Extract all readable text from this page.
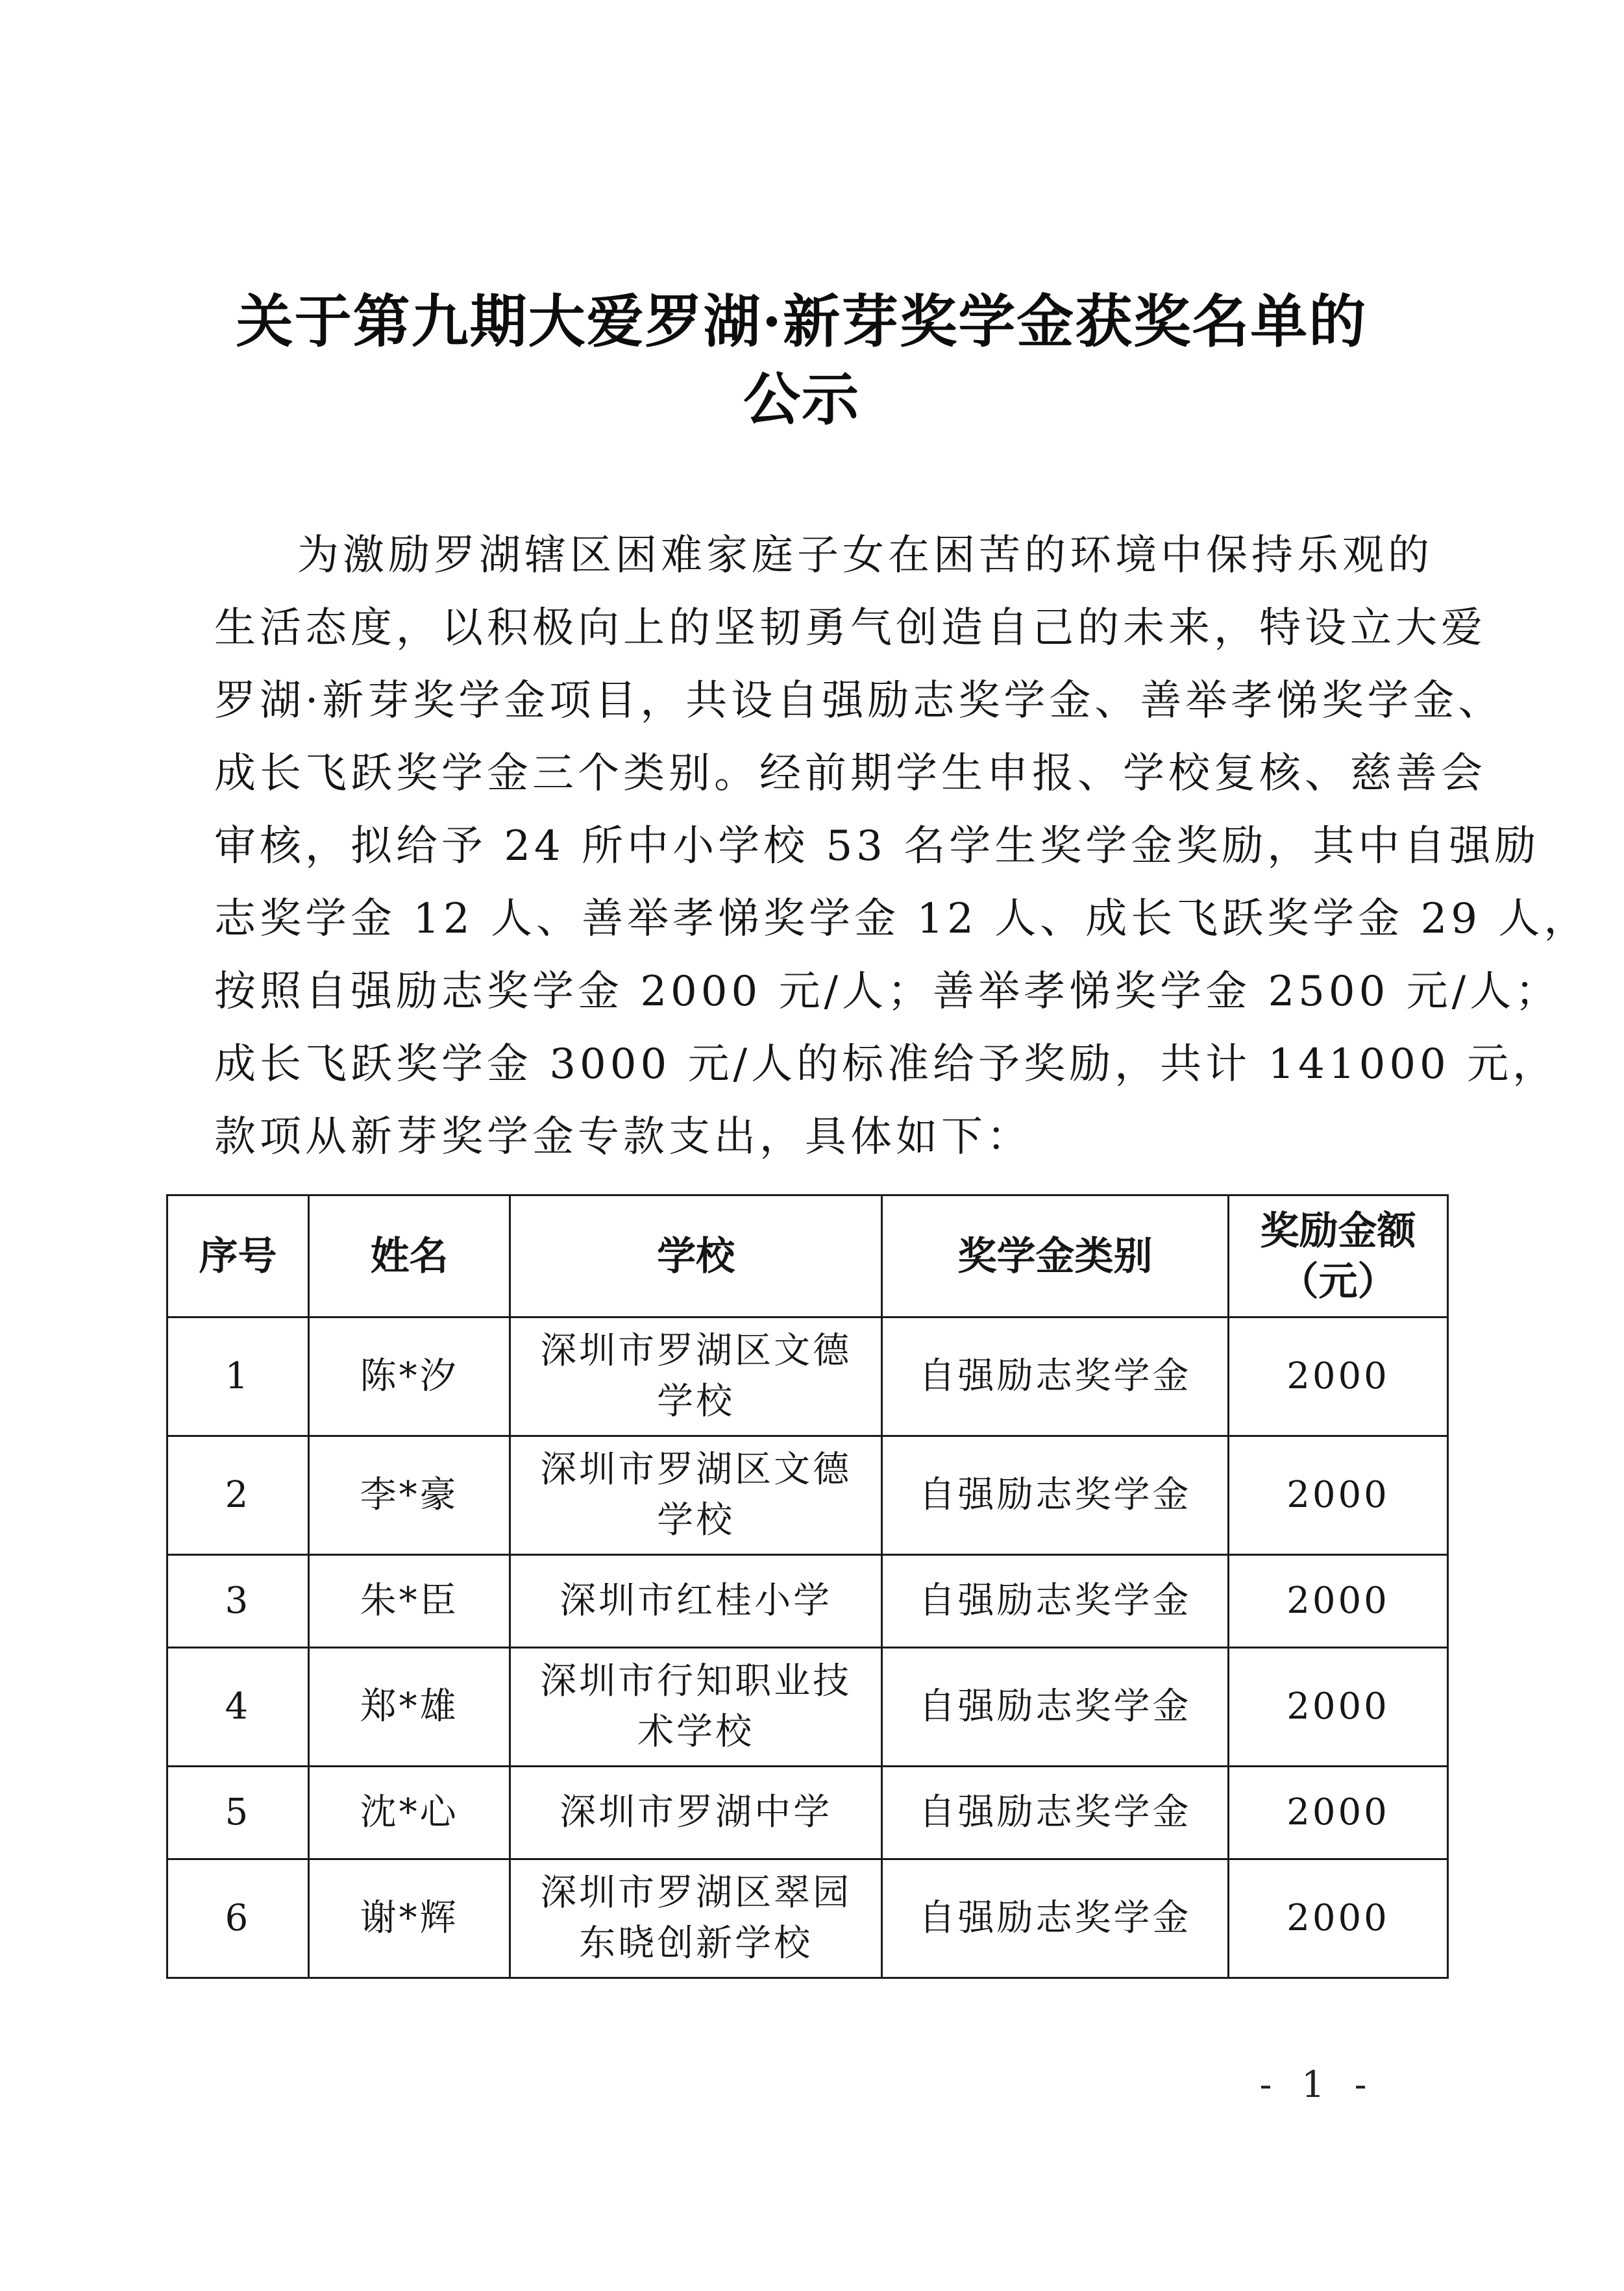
关于第九期大爱罗湖·新芽奖学金获奖名单的
公示
为激励罗湖辖区困难家庭子女在困苦的环境中保持乐观的
生活态度，以积极向上的坚韧勇气创造自己的未来，特设立大爱
罗湖·新芽奖学金项目，共设自强励志奖学金、善举孝悌奖学金、
成长飞跃奖学金三个类别。经前期学生申报、学校复核、慈善会
审核，拟给予 24 所中小学校 53 名学生奖学金奖励，其中自强励
志奖学金 12 人、善举孝悌奖学金 12 人、成长飞跃奖学金 29 人，
按照自强励志奖学金 2000 元/人；善举孝悌奖学金 2500 元/人；
成长飞跃奖学金 3000 元/人的标准给予奖励，共计 141000 元，
款项从新芽奖学金专款支出，具体如下：
序号	姓名	学校	奖学金类别	奖励金额
（元）

1	陈*汐	深圳市罗湖区文德
学校	自强励志奖学金	2000
2	李*豪	深圳市罗湖区文德
学校	自强励志奖学金	2000
3	朱*臣	深圳市红桂小学	自强励志奖学金	2000
4	郑*雄	深圳市行知职业技
术学校	自强励志奖学金	2000
5	沈*心	深圳市罗湖中学	自强励志奖学金	2000
6	谢*辉	深圳市罗湖区翠园
东晓创新学校	自强励志奖学金	2000
- 1 -
